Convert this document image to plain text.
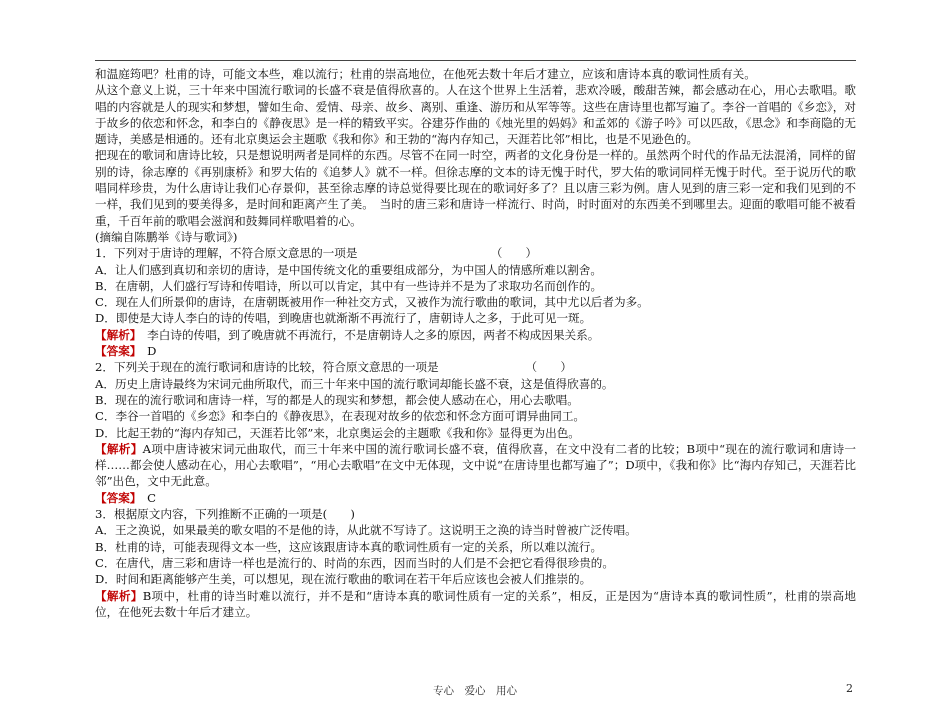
和温庭筠吧？杜甫的诗，可能文本些，难以流行；杜甫的崇高地位，在他死去数十年后才建立，应该和唐诗本真的歌词性质有关。

从这个意义上说，三十年来中国流行歌词的长盛不衰是值得欣喜的。人在这个世界上生活着，悲欢冷暖，酸甜苦辣，都会感动在心，用心去歌唱。歌唱的内容就是人的现实和梦想，譬如生命、爱情、母亲、故乡、离别、重逢、游历和从军等等。这些在唐诗里也都写遍了。李谷一首唱的《乡恋》，对于故乡的依恋和怀念，和李白的《静夜思》是一样的精致平实。谷建芬作曲的《烛光里的妈妈》和孟郊的《游子吟》可以匹敌，《思念》和李商隐的无题诗，美感是相通的。还有北京奥运会主题歌《我和你》和王勃的“海内存知己，天涯若比邻”相比，也是不见逊色的。

把现在的歌词和唐诗比较，只是想说明两者是同样的东西。尽管不在同一时空，两者的文化身份是一样的。虽然两个时代的作品无法混淆，同样的留别的诗，徐志摩的《再别康桥》和罗大佑的《追梦人》就不一样。但徐志摩的文本的诗无愧于时代，罗大佑的歌词同样无愧于时代。至于说历代的歌唱同样珍贵，为什么唐诗让我们心存景仰，甚至徐志摩的诗总觉得要比现在的歌词好多了？且以唐三彩为例。唐人见到的唐三彩一定和我们见到的不一样，我们见到的要美得多，是时间和距离产生了美。　当时的唐三彩和唐诗一样流行、时尚，时时面对的东西美不到哪里去。迎面的歌唱可能不被看重，千百年前的歌唱会滋润和鼓舞同样歌唱着的心。

(摘编自陈鹏举《诗与歌词》)

1．下列对于唐诗的理解，不符合原文意思的一项是　　　　　　　　　　　　（　　）

A．让人们感到真切和亲切的唐诗，是中国传统文化的重要组成部分，为中国人的情感所难以割舍。

B．在唐朝，人们盛行写诗和传唱诗，所以可以肯定，其中有一些诗并不是为了求取功名而创作的。

C．现在人们所景仰的唐诗，在唐朝既被用作一种社交方式，又被作为流行歌曲的歌词，其中尤以后者为多。

D．即使是大诗人李白的诗的传唱，到晚唐也就渐渐不再流行了，唐朝诗人之多，于此可见一斑。

【解析】　李白诗的传唱，到了晚唐就不再流行，不是唐朝诗人之多的原因，两者不构成因果关系。

【答案】　D

2．下列关于现在的流行歌词和唐诗的比较，符合原文意思的一项是　　　　　　　　（　　）

A．历史上唐诗最终为宋词元曲所取代，而三十年来中国的流行歌词却能长盛不衰，这是值得欣喜的。

B．现在的流行歌词和唐诗一样，写的都是人的现实和梦想，都会使人感动在心，用心去歌唱。

C．李谷一首唱的《乡恋》和李白的《静夜思》，在表现对故乡的依恋和怀念方面可谓异曲同工。

D．比起王勃的“海内存知己，天涯若比邻”来，北京奥运会的主题歌《我和你》显得更为出色。

【解析】A项中唐诗被宋词元曲取代，而三十年来中国的流行歌词长盛不衰，值得欣喜，在文中没有二者的比较；B项中“现在的流行歌词和唐诗一样……都会使人感动在心，用心去歌唱”，“用心去歌唱”在文中无体现，文中说“在唐诗里也都写遍了”；D项中，《我和你》比“海内存知己，天涯若比邻”出色，文中无此意。

【答案】　C

3．根据原文内容，下列推断不正确的一项是(　　)

A．王之涣说，如果最美的歌女唱的不是他的诗，从此就不写诗了。这说明王之涣的诗当时曾被广泛传唱。

B．杜甫的诗，可能表现得文本一些，这应该跟唐诗本真的歌词性质有一定的关系，所以难以流行。

C．在唐代，唐三彩和唐诗一样也是流行的、时尚的东西，因而当时的人们是不会把它看得很珍贵的。

D．时间和距离能够产生美，可以想见，现在流行歌曲的歌词在若干年后应该也会被人们推崇的。

【解析】B项中，杜甫的诗当时难以流行，并不是和“唐诗本真的歌词性质有一定的关系”，相反，正是因为“唐诗本真的歌词性质”，杜甫的崇高地位，在他死去数十年后才建立。

专心　爱心　用心	2
